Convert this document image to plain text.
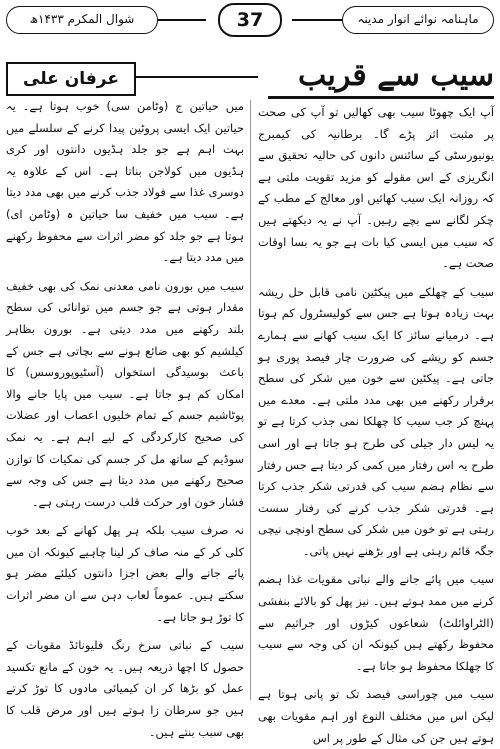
ماہنامہ نوائے انوار مدینہ
37
شوال المکرم ۱۴۳۳ھ
سیب سے قریب
عرفان علی

آپ ایک چھوٹا سیب بھی کھالیں تو آپ کی صحت پر مثبت اثر پڑے گا۔ برطانیہ کی کیمبرج یونیورسٹی کے سائنس دانوں کی حالیہ تحقیق سے انگریزی کے اس مقولے کو مزید تقویت ملتی ہے کہ روزانہ ایک سیب کھائیں اور معالج کے مطب کے چکر لگانے سے بچے رہیں۔ آپ نے یہ دیکھتے ہیں کہ سیب میں ایسی کیا بات ہے جو یہ بسا اوقات صحت ہے۔

سیب کے چھلکے میں پیکٹین نامی قابل حل ریشہ بہت زیادہ ہوتا ہے جس سے کولیسٹرول کم ہوتا ہے۔ درمیانے سائز کا ایک سیب کھانے سے ہمارے جسم کو ریشے کی ضرورت چار فیصد پوری ہو جاتی ہے۔ پیکٹین سے خون میں شکر کی سطح برقرار رکھنے میں بھی مدد ملتی ہے۔ معدے میں پہنچ کر جب سیب کا چھلکا نمی جذب کرتا ہے تو یہ لیس دار جیلی کی طرح ہو جاتا ہے اور اسی طرح یہ اس رفتار میں کمی کر دیتا ہے جس رفتار سے نظام ہضم سیب کی قدرتی شکر جذب کرتا ہے۔ قدرتی شکر جذب کرنے کی رفتار سست رہتی ہے تو خون میں شکر کی سطح اونچی نیچی جگہ قائم رہتی ہے اور بڑھنے نہیں پاتی۔

سیب میں پائے جانے والے نباتی مقویات غذا ہضم کرنے میں ممد ہوتے ہیں۔ نیز پھل کو بالائے بنفشی (الٹراوائلٹ) شعاعوں کیڑوں اور جراثیم سے محفوظ رکھتے ہیں کیونکہ ان کی وجہ سے سیب کا چھلکا محفوظ ہو جاتا ہے۔

سیب میں چوراسی فیصد تک تو پانی ہوتا ہے لیکن اس میں مختلف النوع اور اہم مقویات بھی ہوتے ہیں جن کی مثال کے طور پر اس

میں حیاتین ج (وٹامن سی) خوب ہوتا ہے۔ یہ حیاتین ایک ایسی پروٹین پیدا کرنے کے سلسلے میں بہت اہم ہے جو جلد ہڈیوں دانتوں اور کری ہڈیوں میں کولاجن بناتا ہے۔ اس کے علاوہ یہ دوسری غذا سے فولاد جذب کرنے میں بھی مدد دیتا ہے۔ سیب میں خفیف سا حیاتین ہ (وٹامن ای) ہوتا ہے جو جلد کو مضر اثرات سے محفوظ رکھنے میں مدد دیتا ہے۔

سیب میں بورون نامی معدنی نمک کی بھی خفیف مقدار ہوتی ہے جو جسم میں توانائی کی سطح بلند رکھنے میں مدد دیتی ہے۔ بورون بظاہر کیلشیم کو بھی ضائع ہونے سے بچاتی ہے جس کے باعث بوسیدگی استخواں (آسٹیوپوروسس) کا امکان کم ہو جاتا ہے۔ سیب میں پایا جانے والا پوٹاشیم جسم کے تمام خلیوں اعصاب اور عضلات کی صحیح کارکردگی کے لیے اہم ہے۔ یہ نمک سوڈیم کے ساتھ مل کر جسم کی نمکیات کا توازن صحیح رکھنے میں مدد دیتا ہے جس کی وجہ سے فشار خون اور حرکت قلب درست رہتی ہے۔

نہ صرف سیب بلکہ ہر پھل کھانے کے بعد خوب کلی کر کے منہ صاف کر لینا چاہیے کیونکہ ان میں پائے جانے والے بعض اجزا دانتوں کیلئے مضر ہو سکتے ہیں۔ عموماً لعاب دہن سے ان مضر اثرات کا توڑ ہو جاتا ہے۔

سیب کے نباتی سرخ رنگ فلیونائڈ مقویات کے حصول کا اچھا ذریعہ ہیں۔ یہ خون کے مانع تکسید عمل کو بڑھا کر ان کیمیائی مادوں کا توڑ کرتے ہیں جو سرطان زا ہوتے ہیں اور مرض قلب کا بھی سبب بنتے ہیں۔
